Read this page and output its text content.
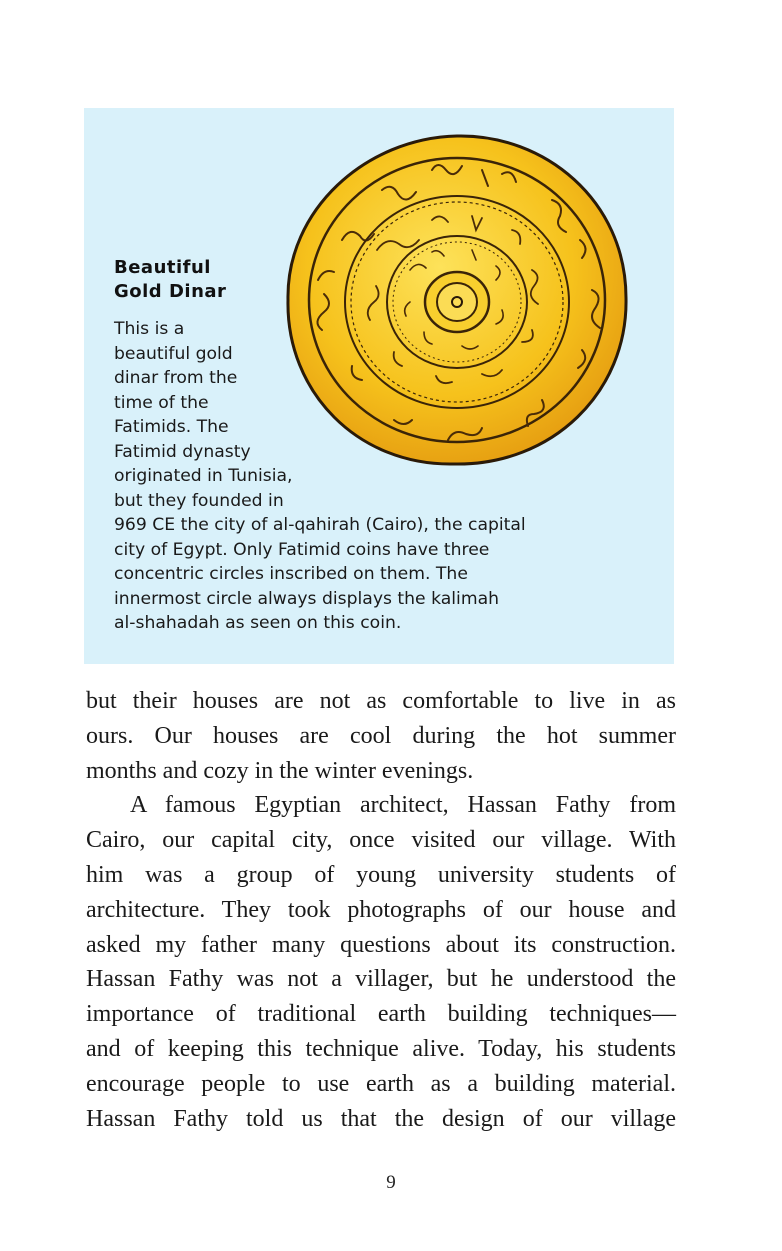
Beautiful
Gold Dinar
This is a
beautiful gold
dinar from the
time of the
Fatimids. The
Fatimid dynasty
originated in Tunisia,
but they founded in
969 CE the city of al-qahirah (Cairo), the capital
city of Egypt. Only Fatimid coins have three
concentric circles inscribed on them. The
innermost circle always displays the kalimah
al-shahadah as seen on this coin.
but their houses are not as comfortable to live in as
ours. Our houses are cool during the hot summer
months and cozy in the winter evenings.
A famous Egyptian architect, Hassan Fathy from
Cairo, our capital city, once visited our village. With
him was a group of young university students of
architecture. They took photographs of our house and
asked my father many questions about its construction.
Hassan Fathy was not a villager, but he understood the
importance of traditional earth building techniques—
and of keeping this technique alive. Today, his students
encourage people to use earth as a building material.
Hassan Fathy told us that the design of our village
9
